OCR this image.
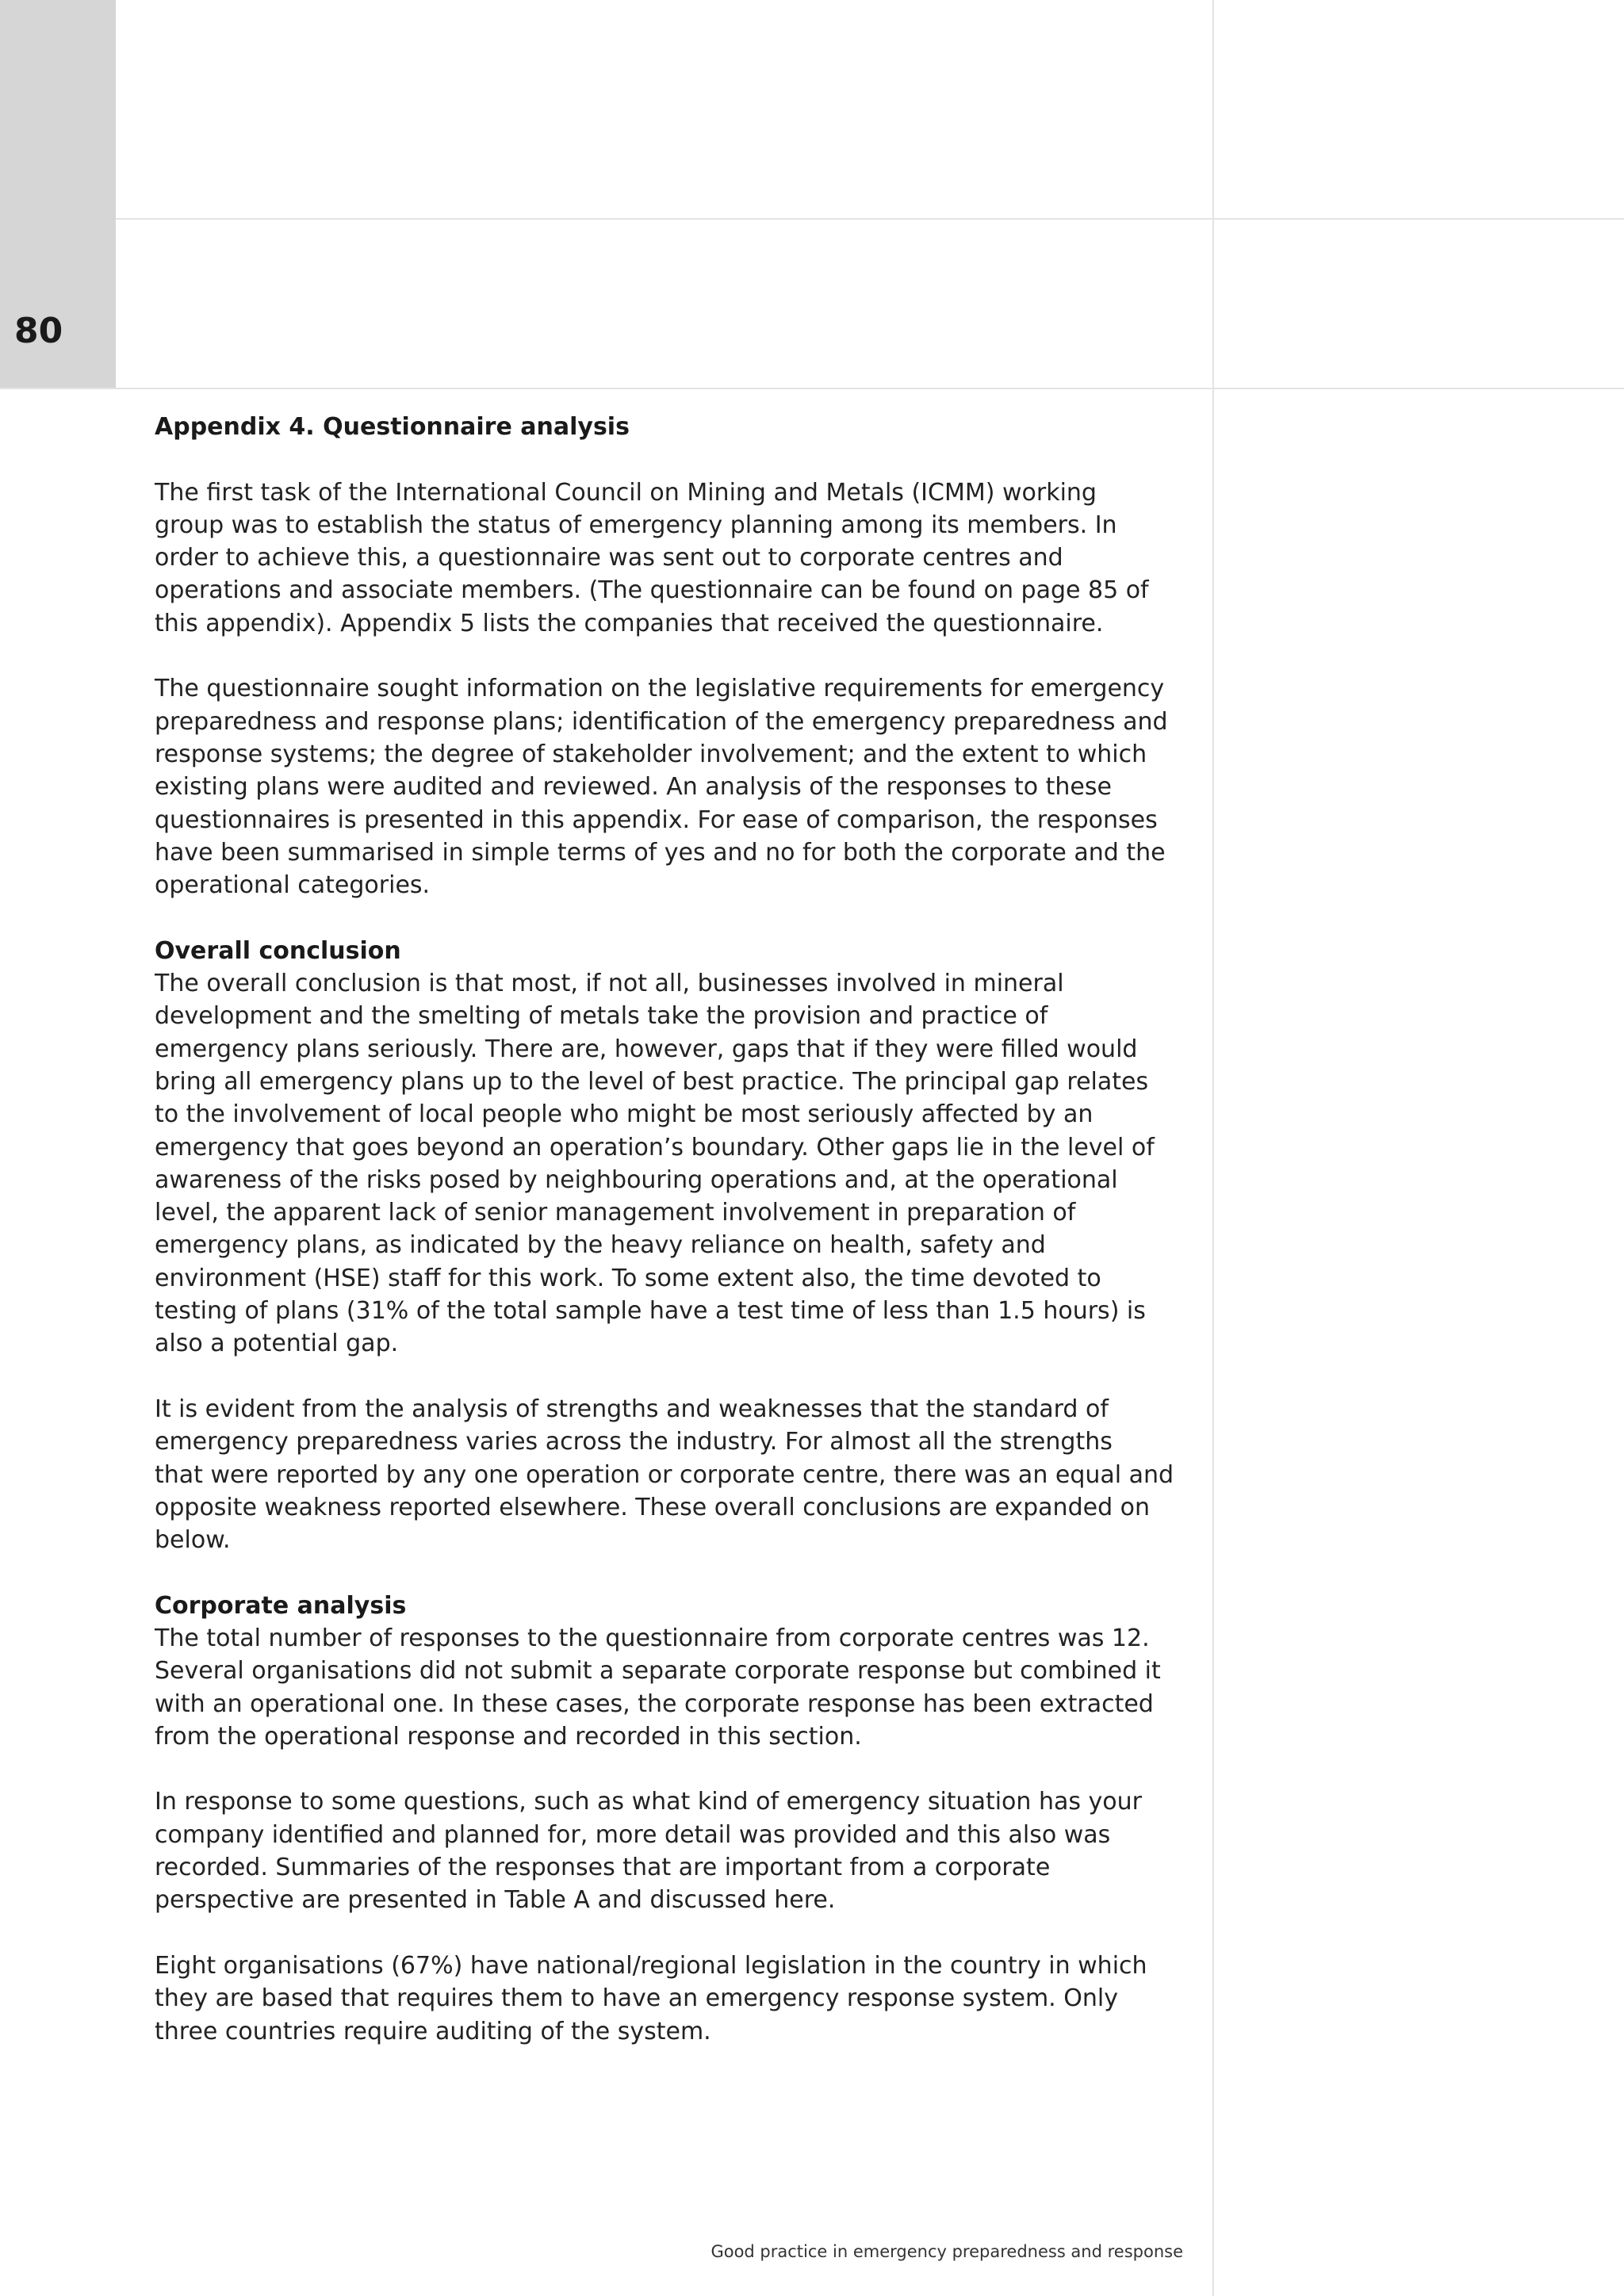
80
Appendix 4. Questionnaire analysis

The first task of the International Council on Mining and Metals (ICMM) working
group was to establish the status of emergency planning among its members. In
order to achieve this, a questionnaire was sent out to corporate centres and
operations and associate members. (The questionnaire can be found on page 85 of
this appendix). Appendix 5 lists the companies that received the questionnaire.

The questionnaire sought information on the legislative requirements for emergency
preparedness and response plans; identification of the emergency preparedness and
response systems; the degree of stakeholder involvement; and the extent to which
existing plans were audited and reviewed. An analysis of the responses to these
questionnaires is presented in this appendix. For ease of comparison, the responses
have been summarised in simple terms of yes and no for both the corporate and the
operational categories.

Overall conclusion

The overall conclusion is that most, if not all, businesses involved in mineral
development and the smelting of metals take the provision and practice of
emergency plans seriously. There are, however, gaps that if they were filled would
bring all emergency plans up to the level of best practice. The principal gap relates
to the involvement of local people who might be most seriously affected by an
emergency that goes beyond an operation’s boundary. Other gaps lie in the level of
awareness of the risks posed by neighbouring operations and, at the operational
level, the apparent lack of senior management involvement in preparation of
emergency plans, as indicated by the heavy reliance on health, safety and
environment (HSE) staff for this work. To some extent also, the time devoted to
testing of plans (31% of the total sample have a test time of less than 1.5 hours) is
also a potential gap.

It is evident from the analysis of strengths and weaknesses that the standard of
emergency preparedness varies across the industry. For almost all the strengths
that were reported by any one operation or corporate centre, there was an equal and
opposite weakness reported elsewhere. These overall conclusions are expanded on
below.

Corporate analysis

The total number of responses to the questionnaire from corporate centres was 12.
Several organisations did not submit a separate corporate response but combined it
with an operational one. In these cases, the corporate response has been extracted
from the operational response and recorded in this section.

In response to some questions, such as what kind of emergency situation has your
company identified and planned for, more detail was provided and this also was
recorded. Summaries of the responses that are important from a corporate
perspective are presented in Table A and discussed here.

Eight organisations (67%) have national/regional legislation in the country in which
they are based that requires them to have an emergency response system. Only
three countries require auditing of the system.

Good practice in emergency preparedness and response
